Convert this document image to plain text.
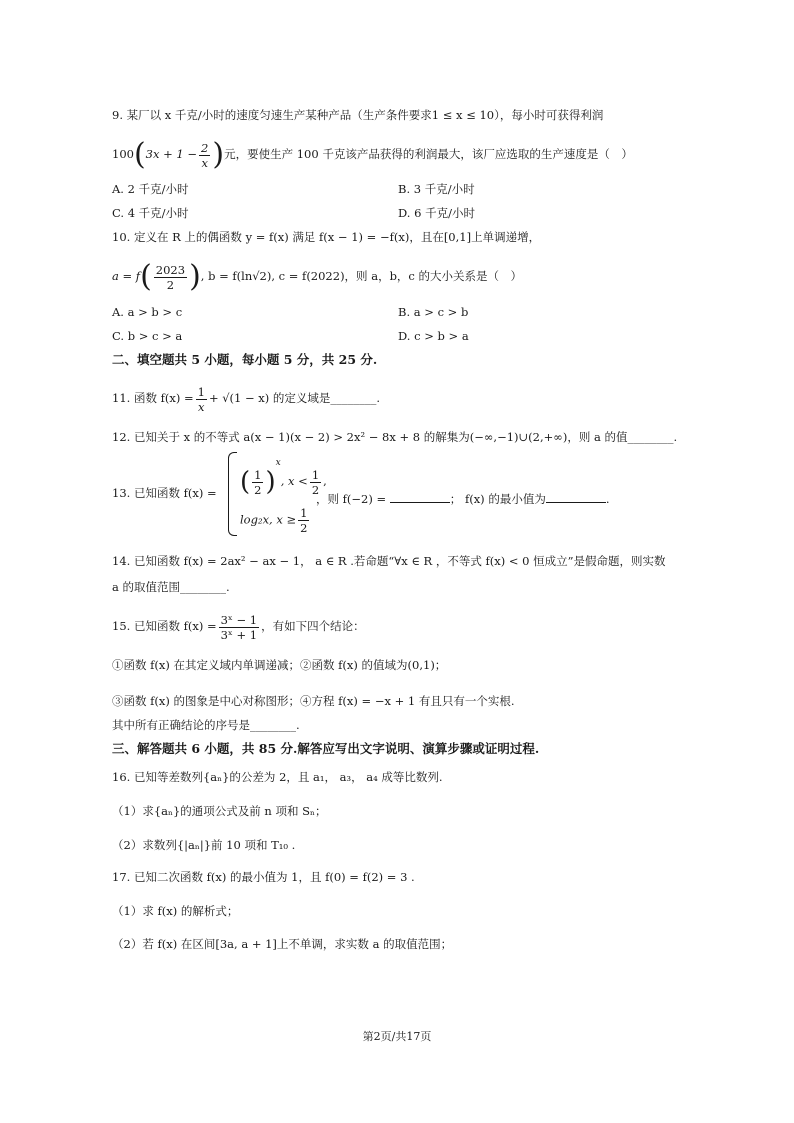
9. 某厂以 x 千克/小时的速度匀速生产某种产品（生产条件要求1 ≤ x ≤ 10），每小时可获得利润
$100(3x + 1 - \frac{2}{x}$ )元，要使生产 100 千克该产品获得的利润最大，该厂应选取的生产速度是（　）
A. 2 千克/小时	B. 3 千克/小时
C. 4 千克/小时	D. 6 千克/小时
10. 定义在 R 上的偶函数 y = f(x) 满足 f(x − 1) = −f(x)，且在[0,1]上单调递增，
$a = f( \frac{2023}{2}$ ), b = f(ln√2), c = f(2022)，则 a，b，c 的大小关系是（　）
A. a > b > c	B. a > c > b
C. b > c > a	D. c > b > a
二、填空题共 5 小题，每小题 5 分，共 25 分.
11. 函数 $f(x) = \frac{1}{x} + √(1 - x)$ 的定义域是________.
12. 已知关于 x 的不等式 a(x − 1)(x − 2) > 2x² − 8x + 8 的解集为(−∞,−1)∪(2,+∞)，则 a 的值________.
13. 已知函数 f(x) = ( $\frac{1}{2} )^x$, $x < \frac{1}{2}$ ,
log₂x, $x \ge \frac{1}{2}$
，则 f(−2) =	； f(x) 的最小值为	.
14. 已知函数 f(x) = 2ax² − ax − 1， a ∈ R .若命题“∀x ∈ R ，不等式 f(x) < 0 恒成立”是假命题，则实数
a 的取值范围________.
15. 已知函数 $f(x) = \frac{\text{3ˣ − 1}}{\text{3ˣ + 1}}$ ，有如下四个结论：
①函数 f(x) 在其定义域内单调递减；②函数 f(x) 的值域为(0,1)；
③函数 f(x) 的图象是中心对称图形；④方程 f(x) = −x + 1 有且只有一个实根.
其中所有正确结论的序号是________.
三、解答题共 6 小题，共 85 分.解答应写出文字说明、演算步骤或证明过程.
16. 已知等差数列{aₙ}的公差为 2，且 a₁， a₃， a₄ 成等比数列.
（1）求{aₙ}的通项公式及前 n 项和 Sₙ；
（2）求数列{|aₙ|}前 10 项和 T₁₀ .
17. 已知二次函数 f(x) 的最小值为 1，且 f(0) = f(2) = 3 .
（1）求 f(x) 的解析式；
（2）若 f(x) 在区间[3a, a + 1]上不单调，求实数 a 的取值范围；
第2页/共17页
